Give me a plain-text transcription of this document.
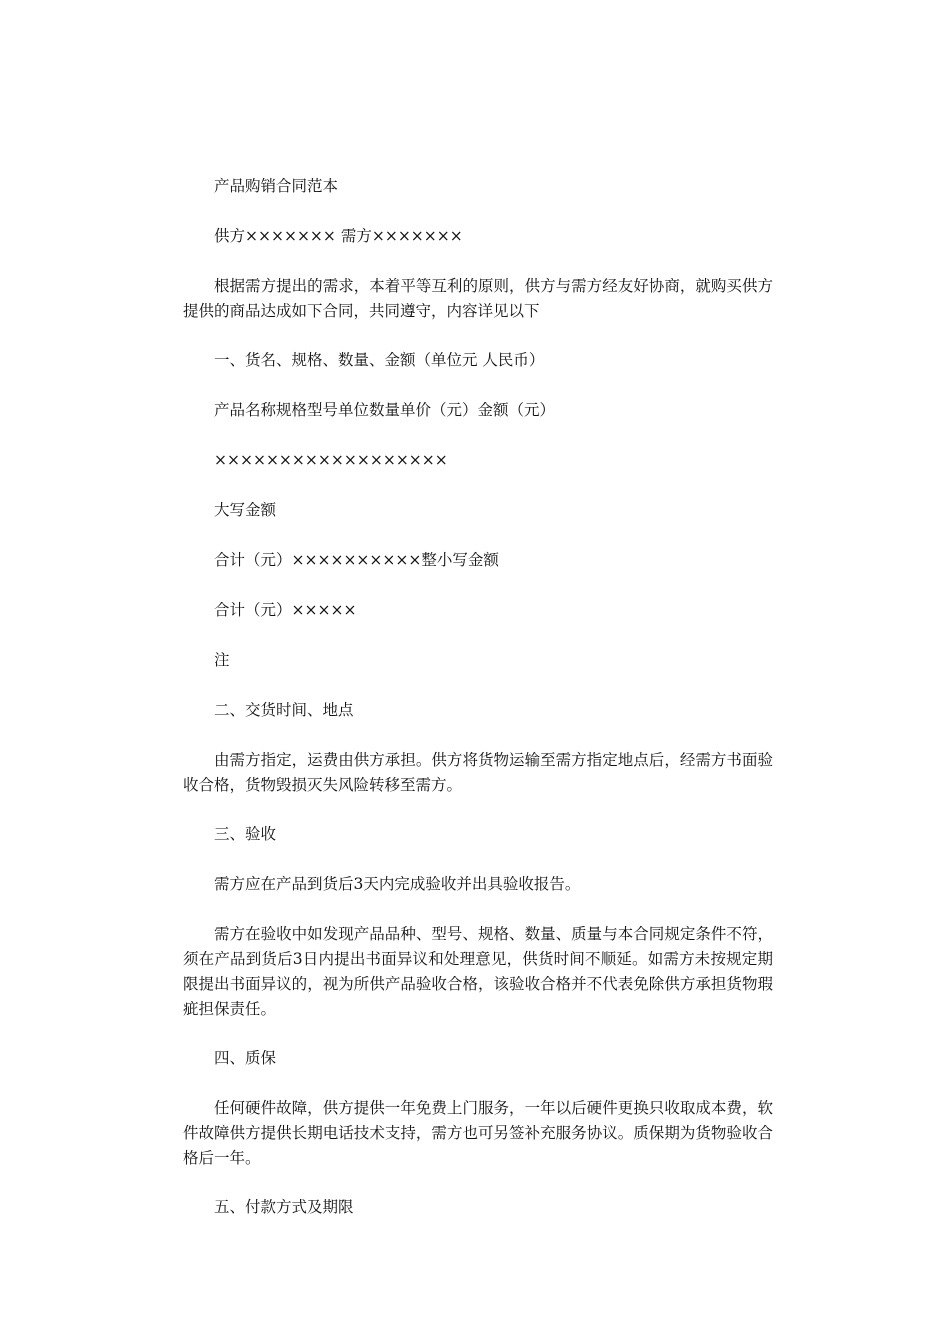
产品购销合同范本

供方××××××× 需方×××××××

根据需方提出的需求，本着平等互利的原则，供方与需方经友好协商，就购买供方提供的商品达成如下合同，共同遵守，内容详见以下

一、货名、规格、数量、金额（单位元 人民币）

产品名称规格型号单位数量单价（元）金额（元）

××××××××××××××××××

大写金额

合计（元）××××××××××整小写金额

合计（元）×××××

注

二、交货时间、地点

由需方指定，运费由供方承担。供方将货物运输至需方指定地点后，经需方书面验收合格，货物毁损灭失风险转移至需方。

三、验收

需方应在产品到货后3天内完成验收并出具验收报告。

需方在验收中如发现产品品种、型号、规格、数量、质量与本合同规定条件不符，须在产品到货后3日内提出书面异议和处理意见，供货时间不顺延。如需方未按规定期限提出书面异议的，视为所供产品验收合格，该验收合格并不代表免除供方承担货物瑕疵担保责任。

四、质保

任何硬件故障，供方提供一年免费上门服务，一年以后硬件更换只收取成本费，软件故障供方提供长期电话技术支持，需方也可另签补充服务协议。质保期为货物验收合格后一年。

五、付款方式及期限
